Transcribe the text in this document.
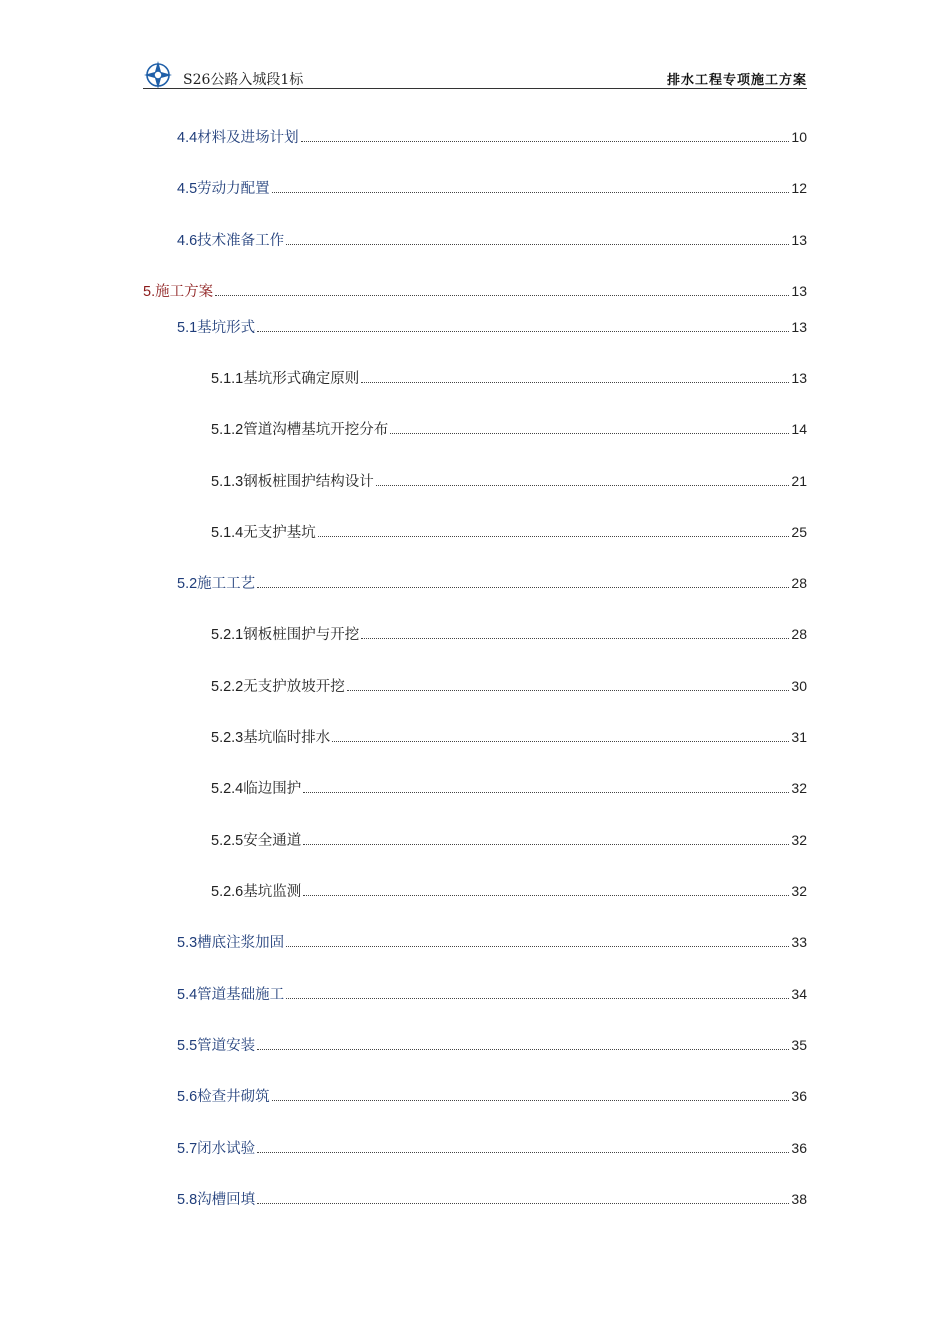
S26公路入城段1标	排水工程专项施工方案
4.4材料及进场计划	10
4.5劳动力配置	12
4.6技术准备工作	13
5.施工方案	13
5.1基坑形式	13
5.1.1基坑形式确定原则	13
5.1.2管道沟槽基坑开挖分布	14
5.1.3钢板桩围护结构设计	21
5.1.4无支护基坑	25
5.2施工工艺	28
5.2.1钢板桩围护与开挖	28
5.2.2无支护放坡开挖	30
5.2.3基坑临时排水	31
5.2.4临边围护	32
5.2.5安全通道	32
5.2.6基坑监测	32
5.3槽底注浆加固	33
5.4管道基础施工	34
5.5管道安装	35
5.6检查井砌筑	36
5.7闭水试验	36
5.8沟槽回填	38
